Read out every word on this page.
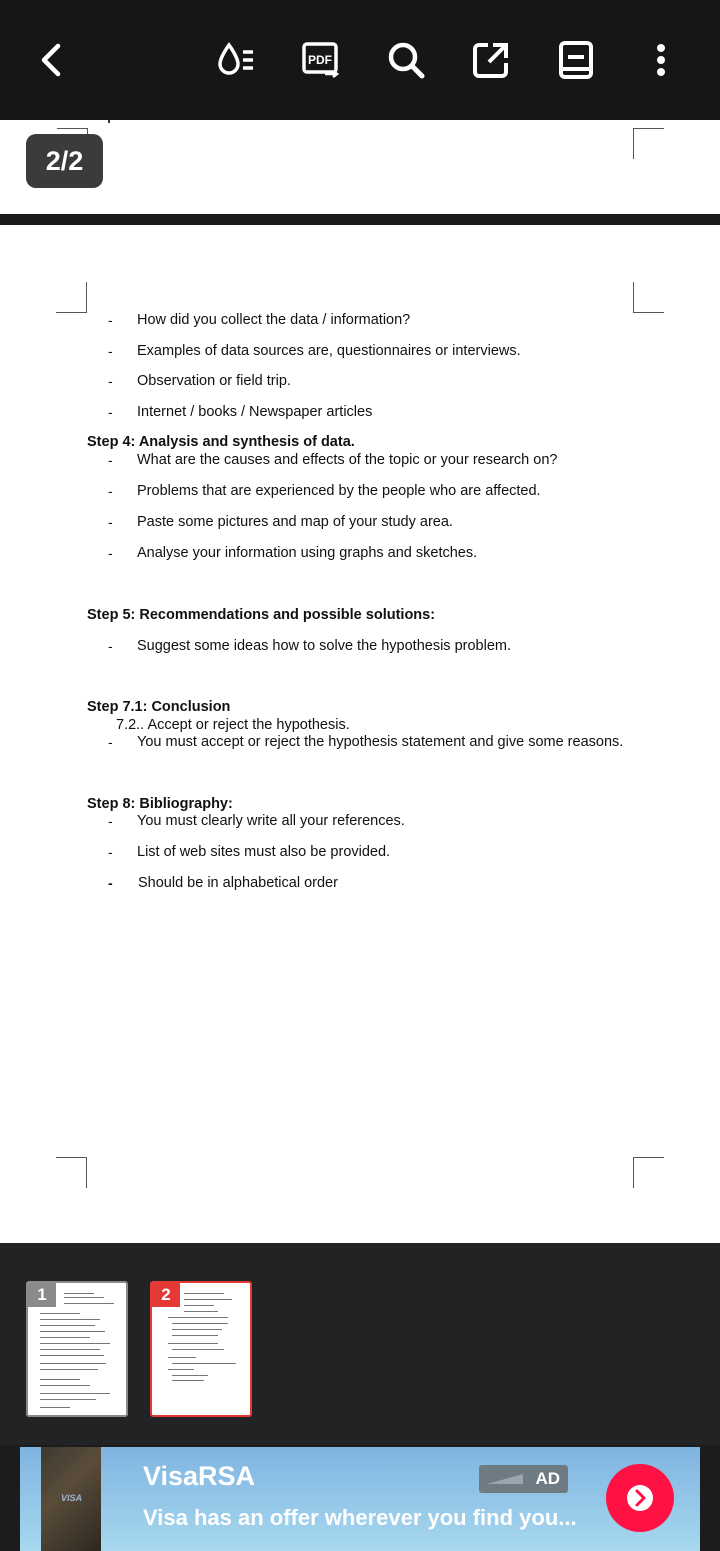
PDF
2/2
- How did you collect the data / information?
- Examples of data sources are, questionnaires or interviews.
- Observation or field trip.
- Internet / books / Newspaper articles
Step 4: Analysis and synthesis of data.
- What are the causes and effects of the topic or your research on?
- Problems that are experienced by the people who are affected.
- Paste some pictures and map of your study area.
- Analyse your information using graphs and sketches.
Step 5: Recommendations and possible solutions:
- Suggest some ideas how to solve the hypothesis problem.
Step 7.1: Conclusion
7.2.. Accept or reject the hypothesis.
- You must accept or reject the hypothesis statement and give some reasons.
Step 8: Bibliography:
- You must clearly write all your references.
- List of web sites must also be provided.
- Should be in alphabetical order
1	2
VISA
VisaRSA
Visa has an offer wherever you find you...
AD
